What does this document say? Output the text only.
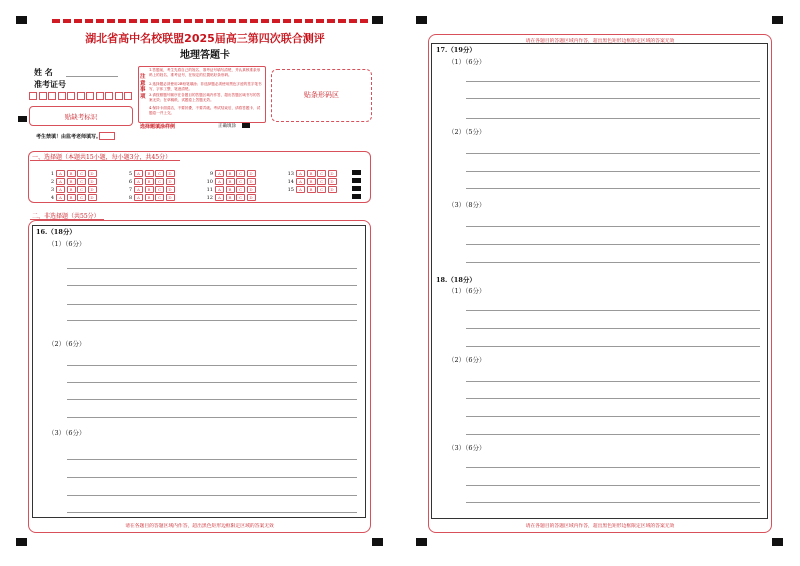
湖北省高中名校联盟2025届高三第四次联合测评
地理答题卡
姓 名
准考证号
贴缺考标识
考生禁填！由监考老师填写。
注意事项
1.答题前，考生先将自己的姓名、准考证号填写清楚，并认真核准条形码上的姓名、准考证号，在规定的位置贴好条形码。
2.选择题必须使用2B铅笔填涂；非选择题必须使用黑色字迹的签字笔书写，字体工整、笔迹清楚。
3.请按照题号顺序在各题目的答题区域内作答，超出答题区域书写的答案无效；在草稿纸、试题卷上答题无效。
4.保持卡面清洁，不要折叠，不要弄破。考试结束后，请将答题卡、试题卷一并上交。
选择题填涂样例	正确填涂
贴条形码区
一、选择题（本题共15小题，每小题3分，共45分）
1 A B C D
2 A B C D
3 A B C D
4 A B C D
5 A B C D
6 A B C D
7 A B C D
8 A B C D
9 A B C D
10 A B C D
11 A B C D
12 A B C D
13 A B C D
14 A B C D
15 A B C D
二、非选择题（共55分）
16.（18分）
（1）（6分）
（2）（6分）
（3）（6分）
请在各题目的答题区域内作答，超出黑色矩形边框限定区域的答案无效
请在各题目的答题区域内作答，超出黑色矩形边框限定区域的答案无效
17.（19分）
（1）（6分）
（2）（5分）
（3）（8分）
18.（18分）
（1）（6分）
（2）（6分）
（3）（6分）
请在各题目的答题区域内作答，超出黑色矩形边框限定区域的答案无效
